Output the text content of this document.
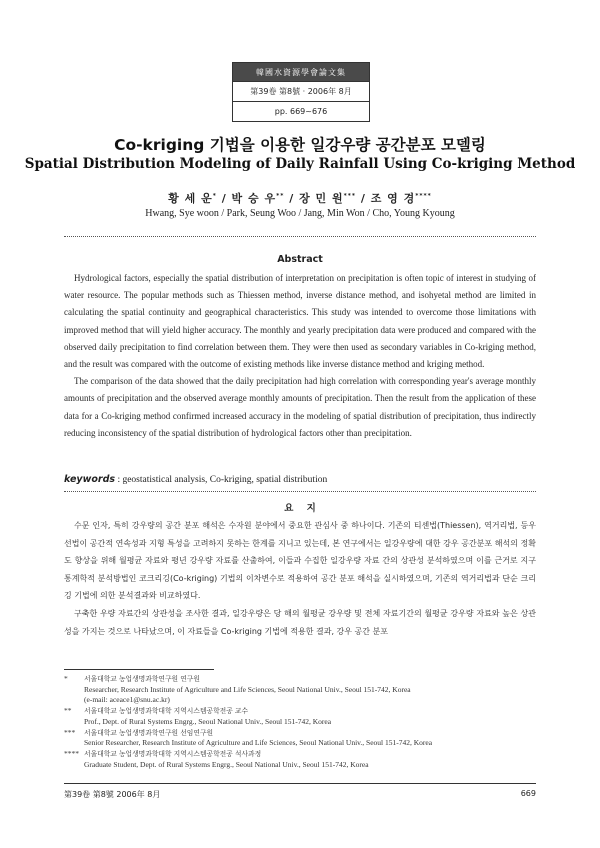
韓國水資源學會論文集
第39卷 第8號 · 2006年 8月
pp. 669~676
Co-kriging 기법을 이용한 일강우량 공간분포 모델링
Spatial Distribution Modeling of Daily Rainfall Using Co-kriging Method
황 세 운* / 박 승 우** / 장 민 원*** / 조 영 경****
Hwang, Sye woon / Park, Seung Woo / Jang, Min Won / Cho, Young Kyoung
Abstract

Hydrological factors, especially the spatial distribution of interpretation on precipitation is often topic of interest in studying of water resource. The popular methods such as Thiessen method, inverse distance method, and isohyetal method are limited in calculating the spatial continuity and geographical characteristics. This study was intended to overcome those limitations with improved method that will yield higher accuracy. The monthly and yearly precipitation data were produced and compared with the observed daily precipitation to find correlation between them. They were then used as secondary variables in Co-kriging method, and the result was compared with the outcome of existing methods like inverse distance method and kriging method.

The comparison of the data showed that the daily precipitation had high correlation with corresponding year's average monthly amounts of precipitation and the observed average monthly amounts of precipitation. Then the result from the application of these data for a Co-kriging method confirmed increased accuracy in the modeling of spatial distribution of precipitation, thus indirectly reducing inconsistency of the spatial distribution of hydrological factors other than precipitation.

keywords : geostatistical analysis, Co-kriging, spatial distribution
요    지

수문 인자, 특히 강우량의 공간 분포 해석은 수자원 분야에서 중요한 관심사 중 하나이다. 기존의 티센법(Thiessen), 역거리법, 등우선법이 공간적 연속성과 지형 특성을 고려하지 못하는 한계를 지니고 있는데, 본 연구에서는 일강우량에 대한 강우 공간분포 해석의 정확도 향상을 위해 월평균 자료와 평년 강우량 자료를 산출하여, 이들과 수집한 일강우량 자료 간의 상관성 분석하였으며 이를 근거로 지구통계학적 분석방법인 코크리깅(Co-kriging) 기법의 이차변수로 적용하여 공간 분포 해석을 실시하였으며, 기존의 역거리법과 단순 크리깅 기법에 의한 분석결과와 비교하였다.

구축한 우량 자료간의 상관성을 조사한 결과, 일강우량은 당 해의 월평균 강우량 및 전체 자료기간의 월평균 강우량 자료와 높은 상관성을 가지는 것으로 나타났으며, 이 자료들을 Co-kriging 기법에 적용한 결과, 강우 공간 분포

*	서울대학교 농업생명과학연구원 연구원
Researcher, Research Institute of Agriculture and Life Sciences, Seoul National Univ., Seoul 151-742, Korea
(e-mail: aceace1@snu.ac.kr)
**	서울대학교 농업생명과학대학 지역시스템공학전공 교수
Prof., Dept. of Rural Systems Engrg., Seoul National Univ., Seoul 151-742, Korea
***	서울대학교 농업생명과학연구원 선임연구원
Senior Researcher, Research Institute of Agriculture and Life Sciences, Seoul National Univ., Seoul 151-742, Korea
**** 서울대학교 농업생명과학대학 지역시스템공학전공 석사과정
Graduate Student, Dept. of Rural Systems Engrg., Seoul National Univ., Seoul 151-742, Korea
第39卷 第8號 2006年 8月	669
